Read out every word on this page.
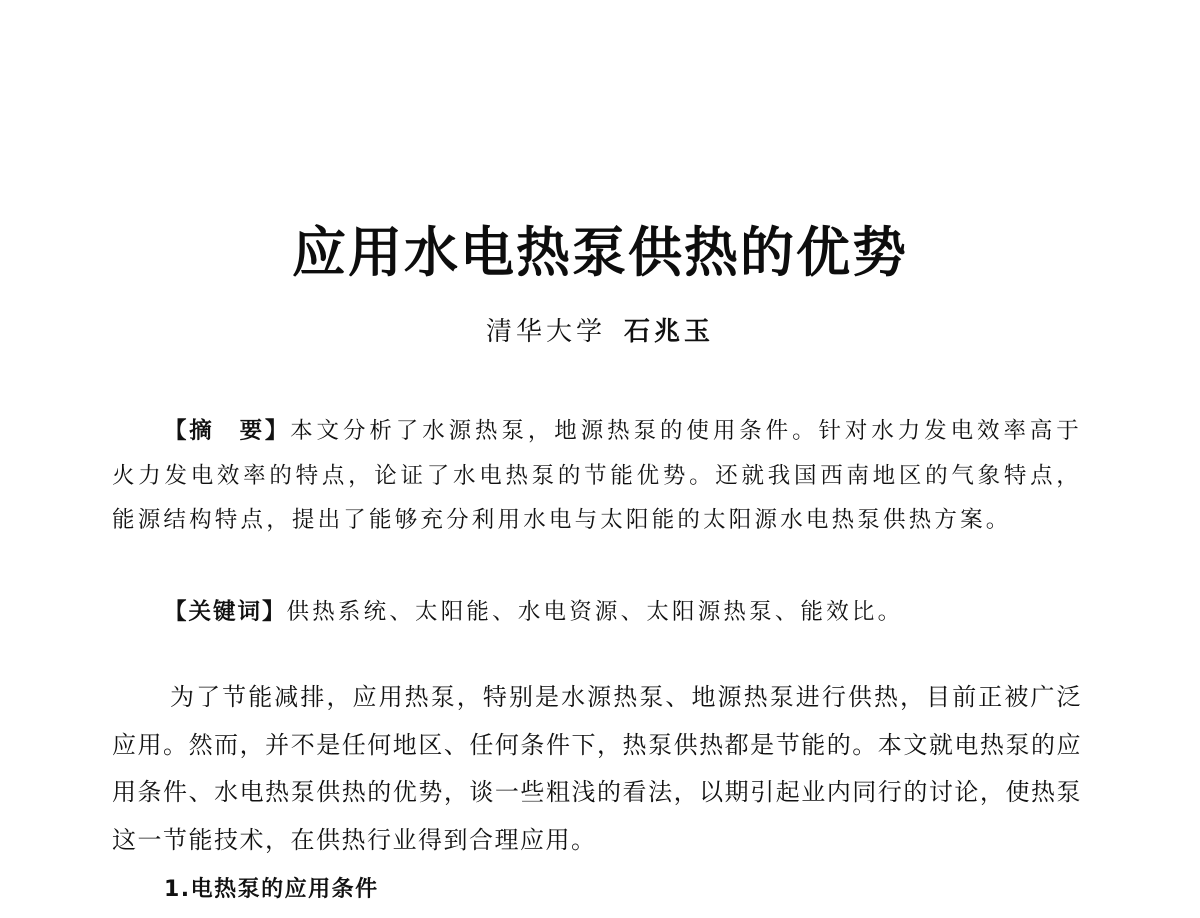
应用水电热泵供热的优势
清华大学 石兆玉

【摘　要】本文分析了水源热泵，地源热泵的使用条件。针对水力发电效率高于火力发电效率的特点，论证了水电热泵的节能优势。还就我国西南地区的气象特点，能源结构特点，提出了能够充分利用水电与太阳能的太阳源水电热泵供热方案。

【关键词】供热系统、太阳能、水电资源、太阳源热泵、能效比。

为了节能减排，应用热泵，特别是水源热泵、地源热泵进行供热，目前正被广泛应用。然而，并不是任何地区、任何条件下，热泵供热都是节能的。本文就电热泵的应用条件、水电热泵供热的优势，谈一些粗浅的看法，以期引起业内同行的讨论，使热泵这一节能技术，在供热行业得到合理应用。

1.电热泵的应用条件
